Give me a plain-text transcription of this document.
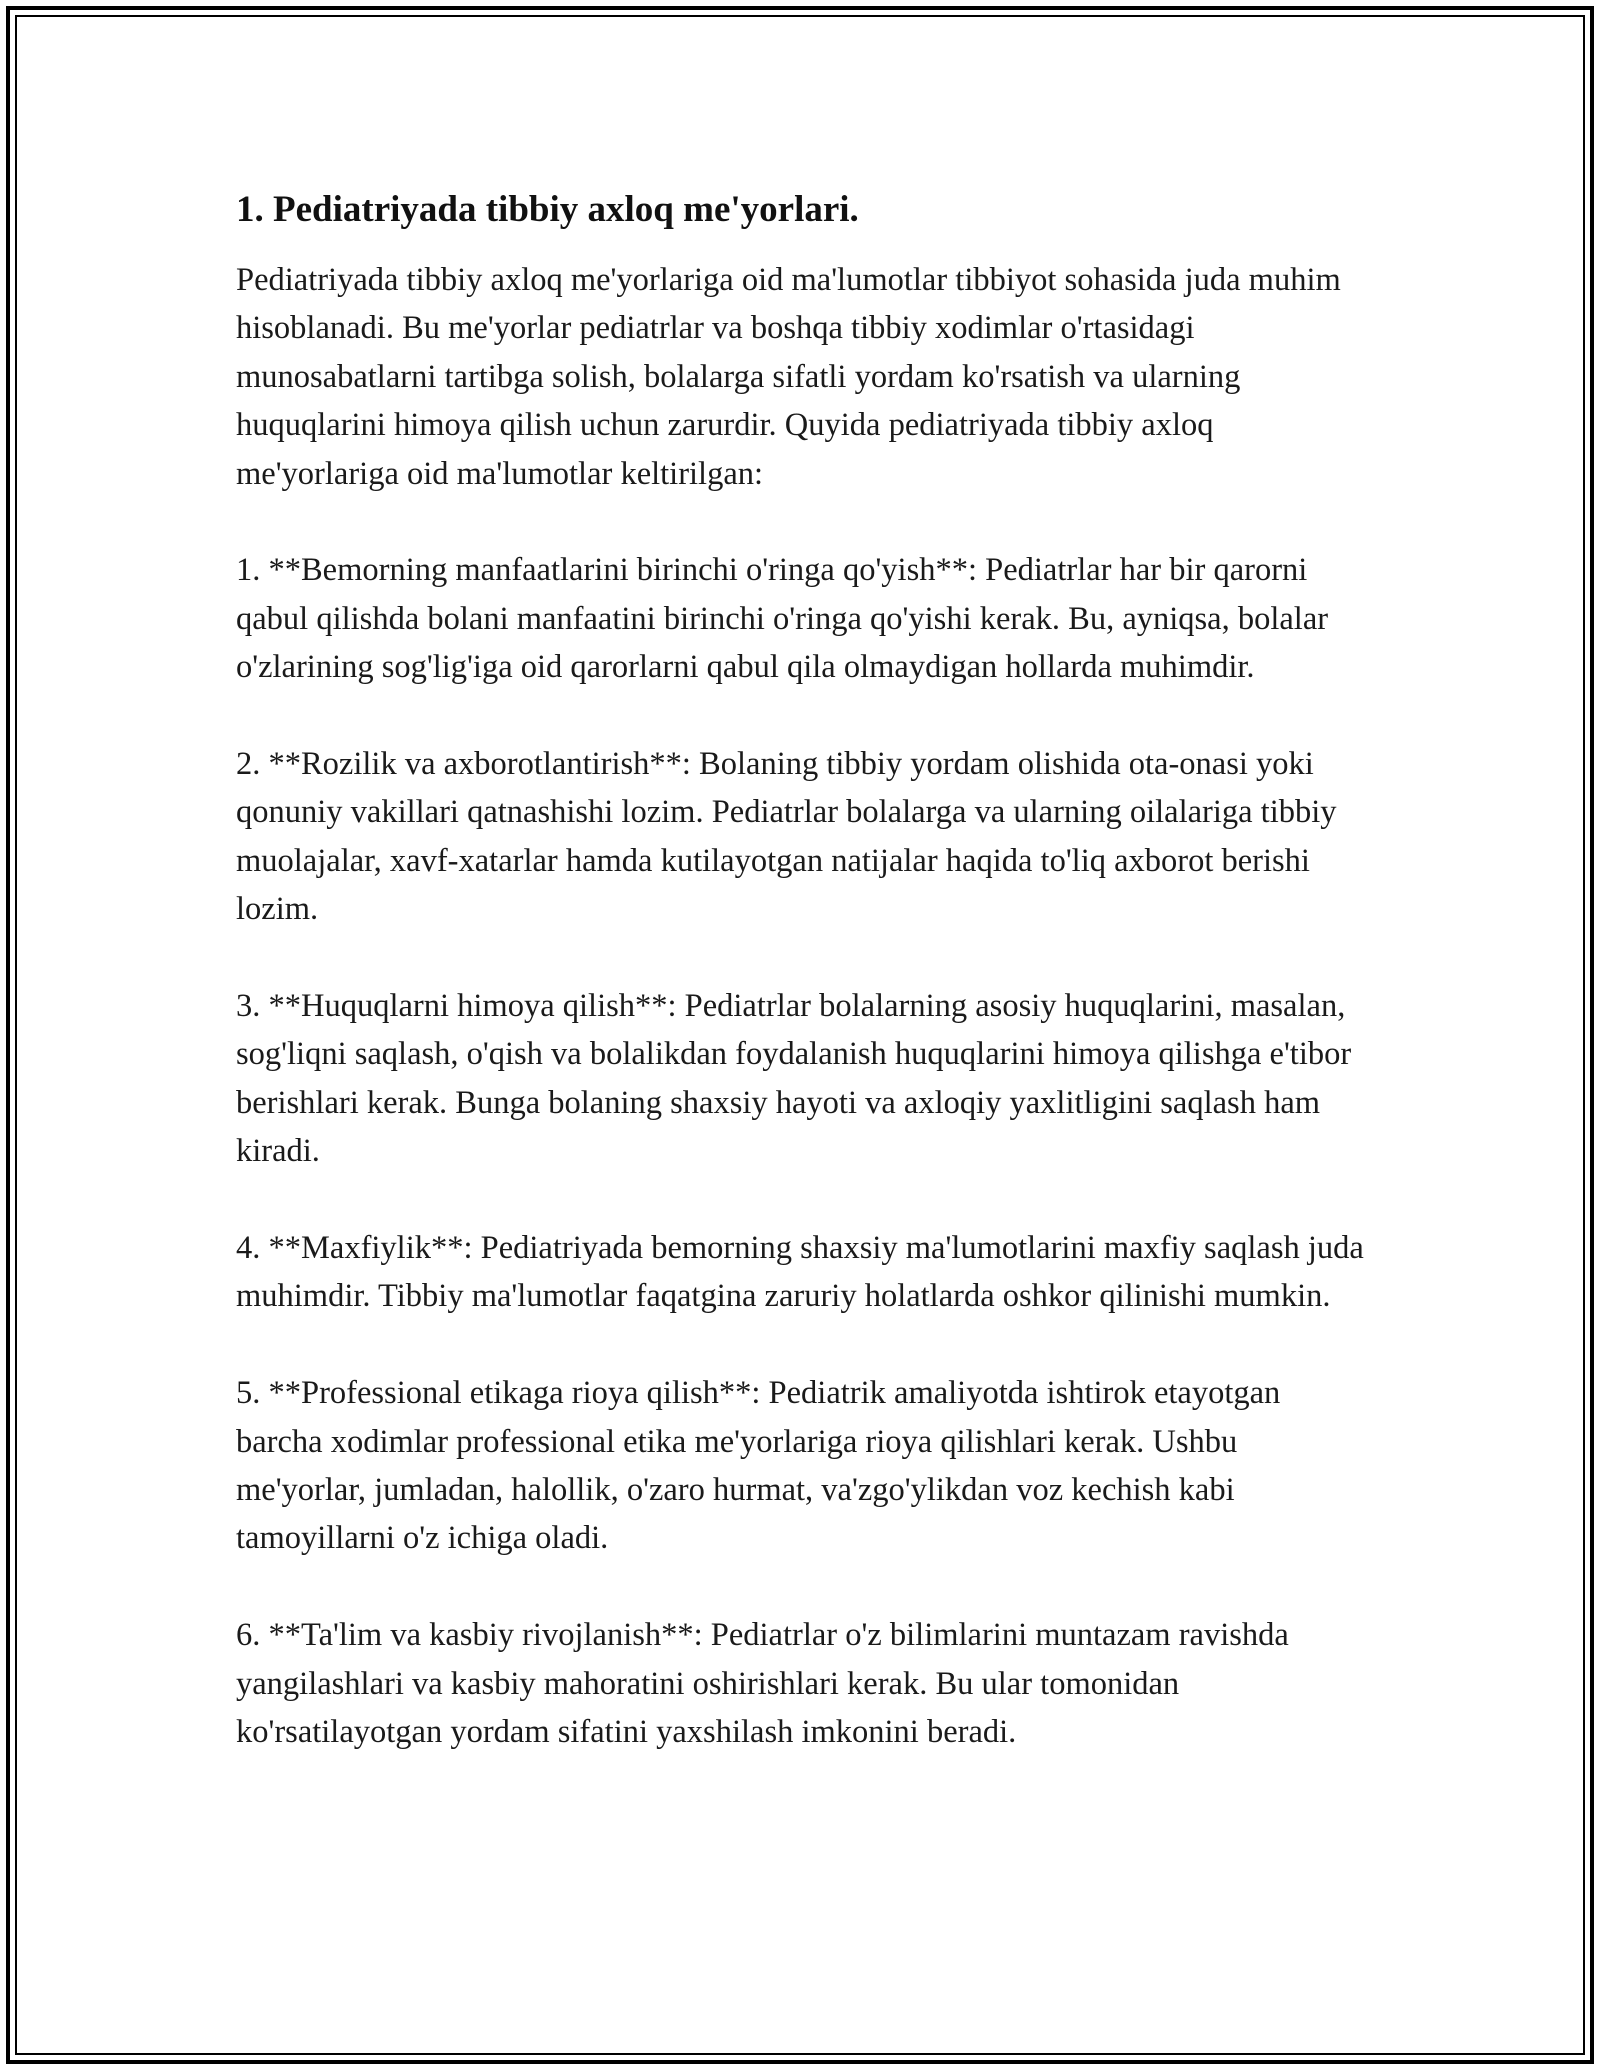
1. Pediatriyada tibbiy axloq me'yorlari.

Pediatriyada tibbiy axloq me'yorlariga oid ma'lumotlar tibbiyot sohasida juda muhim hisoblanadi. Bu me'yorlar pediatrlar va boshqa tibbiy xodimlar o'rtasidagi munosabatlarni tartibga solish, bolalarga sifatli yordam ko'rsatish va ularning huquqlarini himoya qilish uchun zarurdir. Quyida pediatriyada tibbiy axloq me'yorlariga oid ma'lumotlar keltirilgan:

1. **Bemorning manfaatlarini birinchi o'ringa qo'yish**: Pediatrlar har bir qarorni qabul qilishda bolani manfaatini birinchi o'ringa qo'yishi kerak. Bu, ayniqsa, bolalar o'zlarining sog'lig'iga oid qarorlarni qabul qila olmaydigan hollarda muhimdir.

2. **Rozilik va axborotlantirish**: Bolaning tibbiy yordam olishida ota-onasi yoki qonuniy vakillari qatnashishi lozim. Pediatrlar bolalarga va ularning oilalariga tibbiy muolajalar, xavf-xatarlar hamda kutilayotgan natijalar haqida to'liq axborot berishi lozim.

3. **Huquqlarni himoya qilish**: Pediatrlar bolalarning asosiy huquqlarini, masalan, sog'liqni saqlash, o'qish va bolalikdan foydalanish huquqlarini himoya qilishga e'tibor berishlari kerak. Bunga bolaning shaxsiy hayoti va axloqiy yaxlitligini saqlash ham kiradi.

4. **Maxfiylik**: Pediatriyada bemorning shaxsiy ma'lumotlarini maxfiy saqlash juda muhimdir. Tibbiy ma'lumotlar faqatgina zaruriy holatlarda oshkor qilinishi mumkin.

5. **Professional etikaga rioya qilish**: Pediatrik amaliyotda ishtirok etayotgan barcha xodimlar professional etika me'yorlariga rioya qilishlari kerak. Ushbu me'yorlar, jumladan, halollik, o'zaro hurmat, va'zgo'ylikdan voz kechish kabi tamoyillarni o'z ichiga oladi.

6. **Ta'lim va kasbiy rivojlanish**: Pediatrlar o'z bilimlarini muntazam ravishda yangilashlari va kasbiy mahoratini oshirishlari kerak. Bu ular tomonidan ko'rsatilayotgan yordam sifatini yaxshilash imkonini beradi.
